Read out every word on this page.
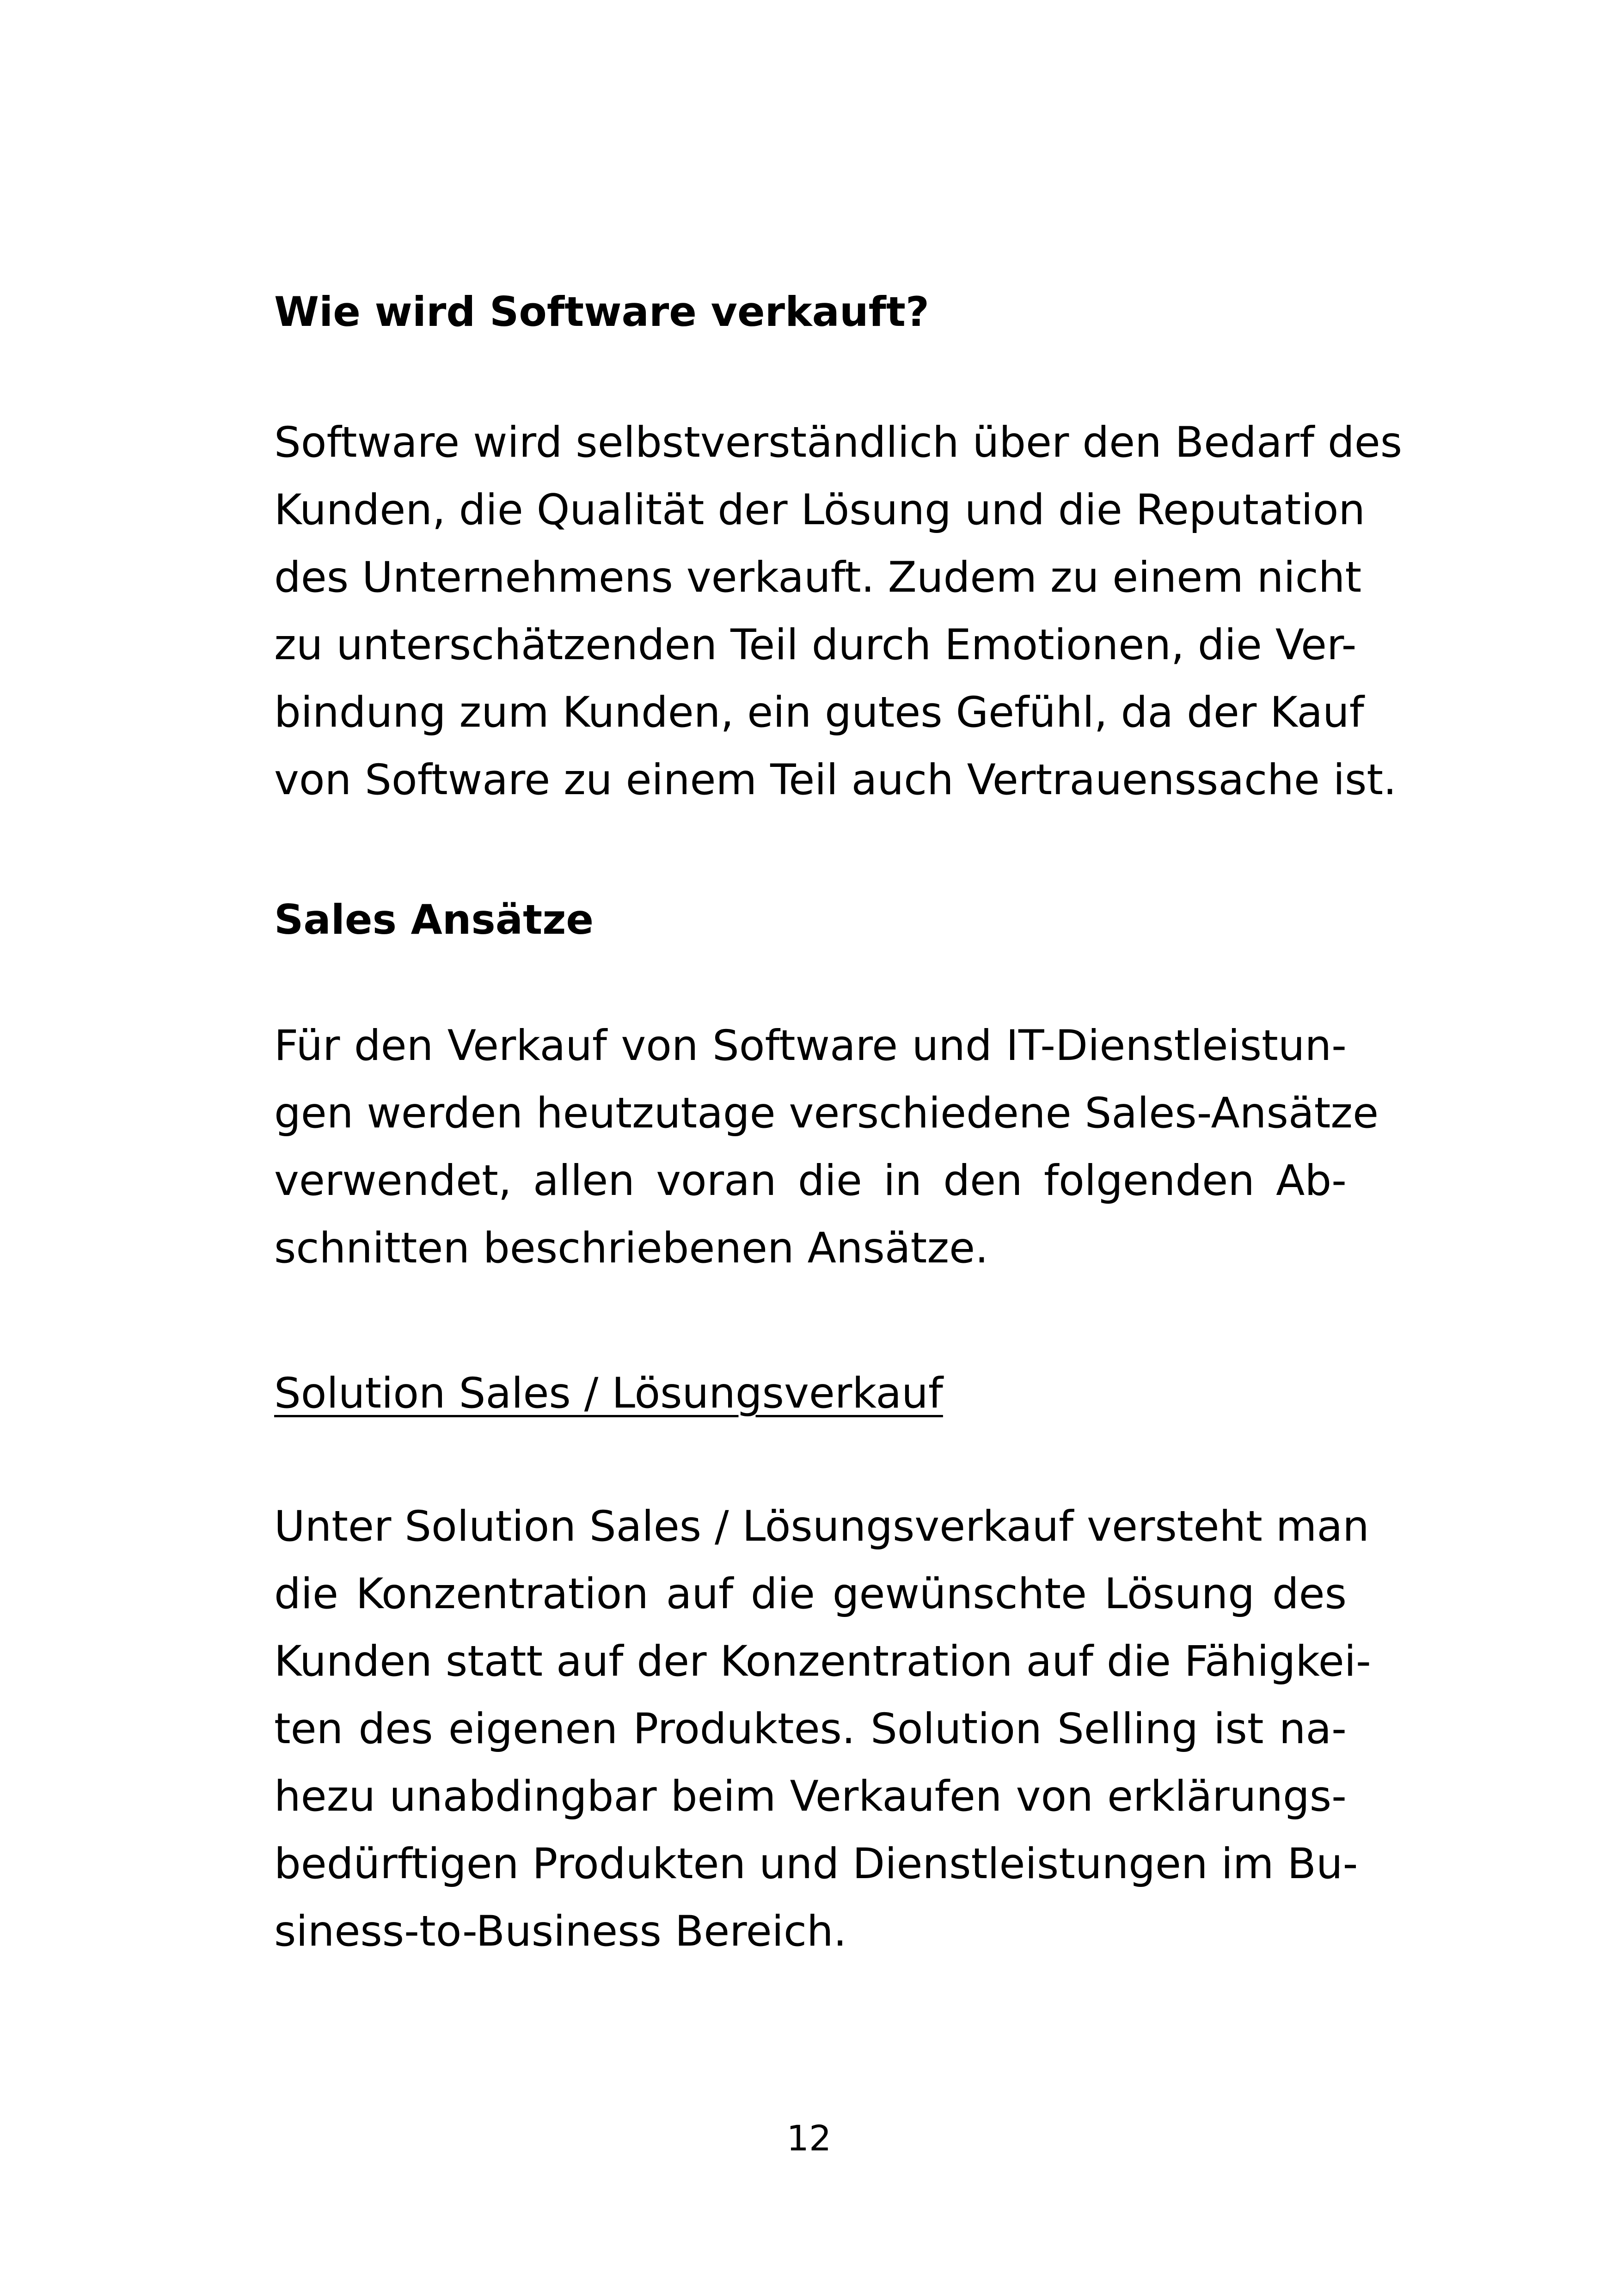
Wie wird Software verkauft?

Software wird selbstverständlich über den Bedarf des
Kunden, die Qualität der Lösung und die Reputation
des Unternehmens verkauft. Zudem zu einem nicht
zu unterschätzenden Teil durch Emotionen, die Ver-
bindung zum Kunden, ein gutes Gefühl, da der Kauf
von Software zu einem Teil auch Vertrauenssache ist.

Sales Ansätze

Für den Verkauf von Software und IT-Dienstleistun-
gen werden heutzutage verschiedene Sales-Ansätze
verwendet, allen voran die in den folgenden Ab-
schnitten beschriebenen Ansätze.

Solution Sales / Lösungsverkauf

Unter Solution Sales / Lösungsverkauf versteht man
die Konzentration auf die gewünschte Lösung des
Kunden statt auf der Konzentration auf die Fähigkei-
ten des eigenen Produktes. Solution Selling ist na-
hezu unabdingbar beim Verkaufen von erklärungs-
bedürftigen Produkten und Dienstleistungen im Bu-
siness-to-Business Bereich.

12
